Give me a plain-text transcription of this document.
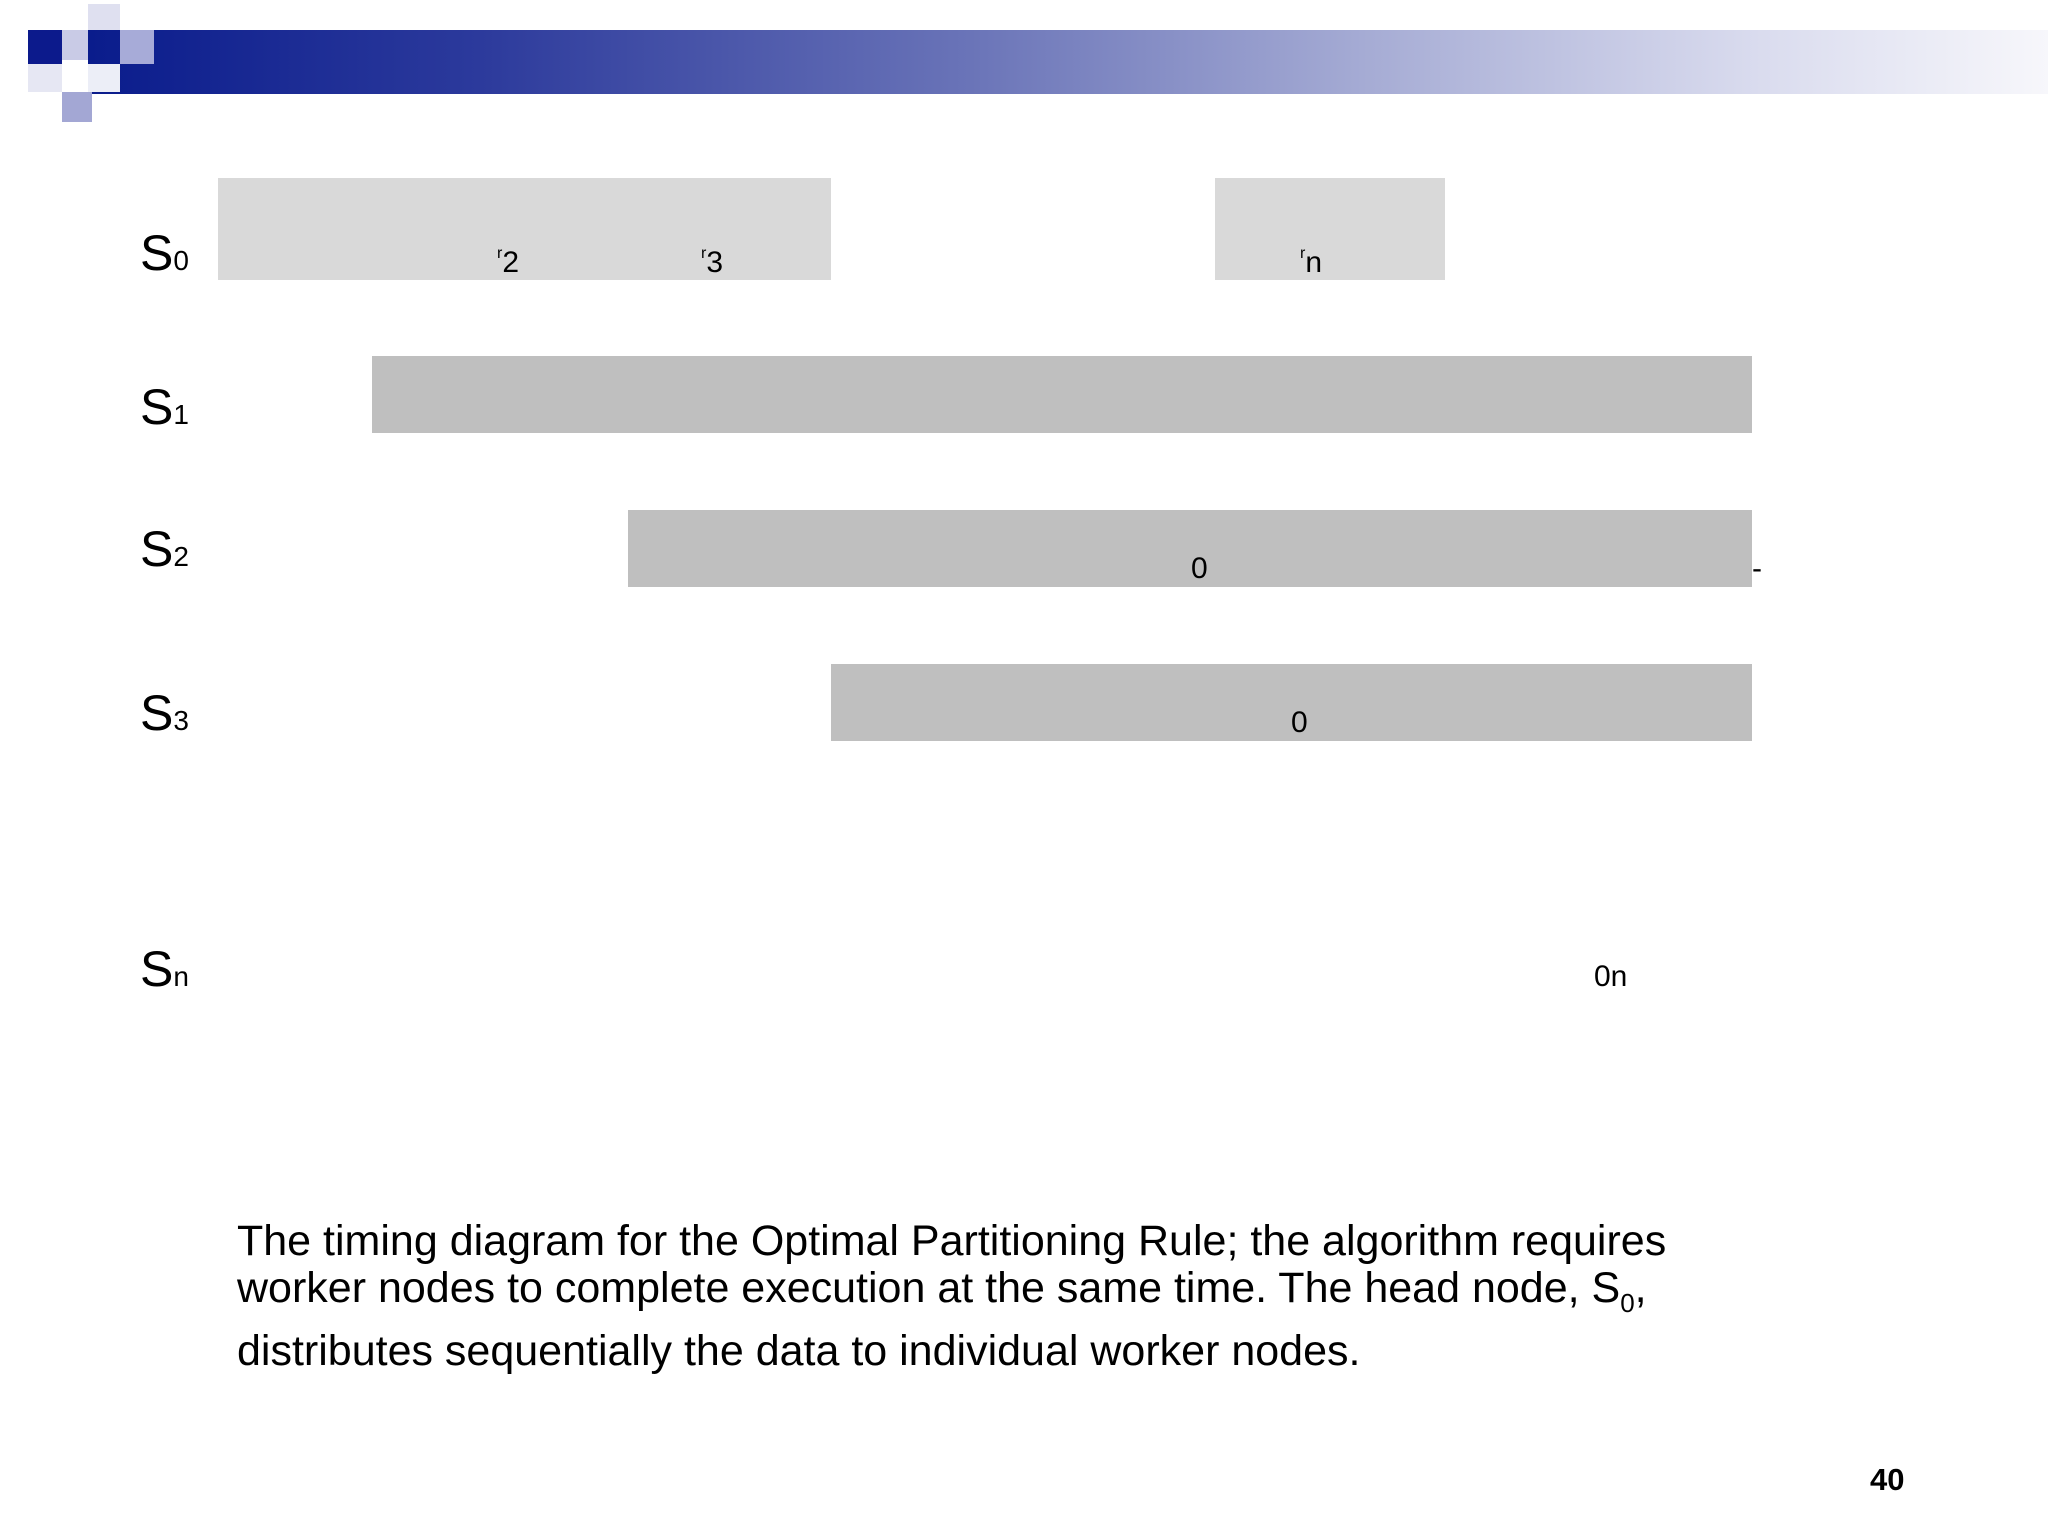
S0
S1
S2
S3
Sn
$^r$2	$^r$3	$^r$n
0	-
0
0n
The timing diagram for the Optimal Partitioning Rule; the algorithm requires
worker nodes to complete execution at the same time. The head node, $S_0$,
distributes sequentially the data to individual worker nodes.
40
